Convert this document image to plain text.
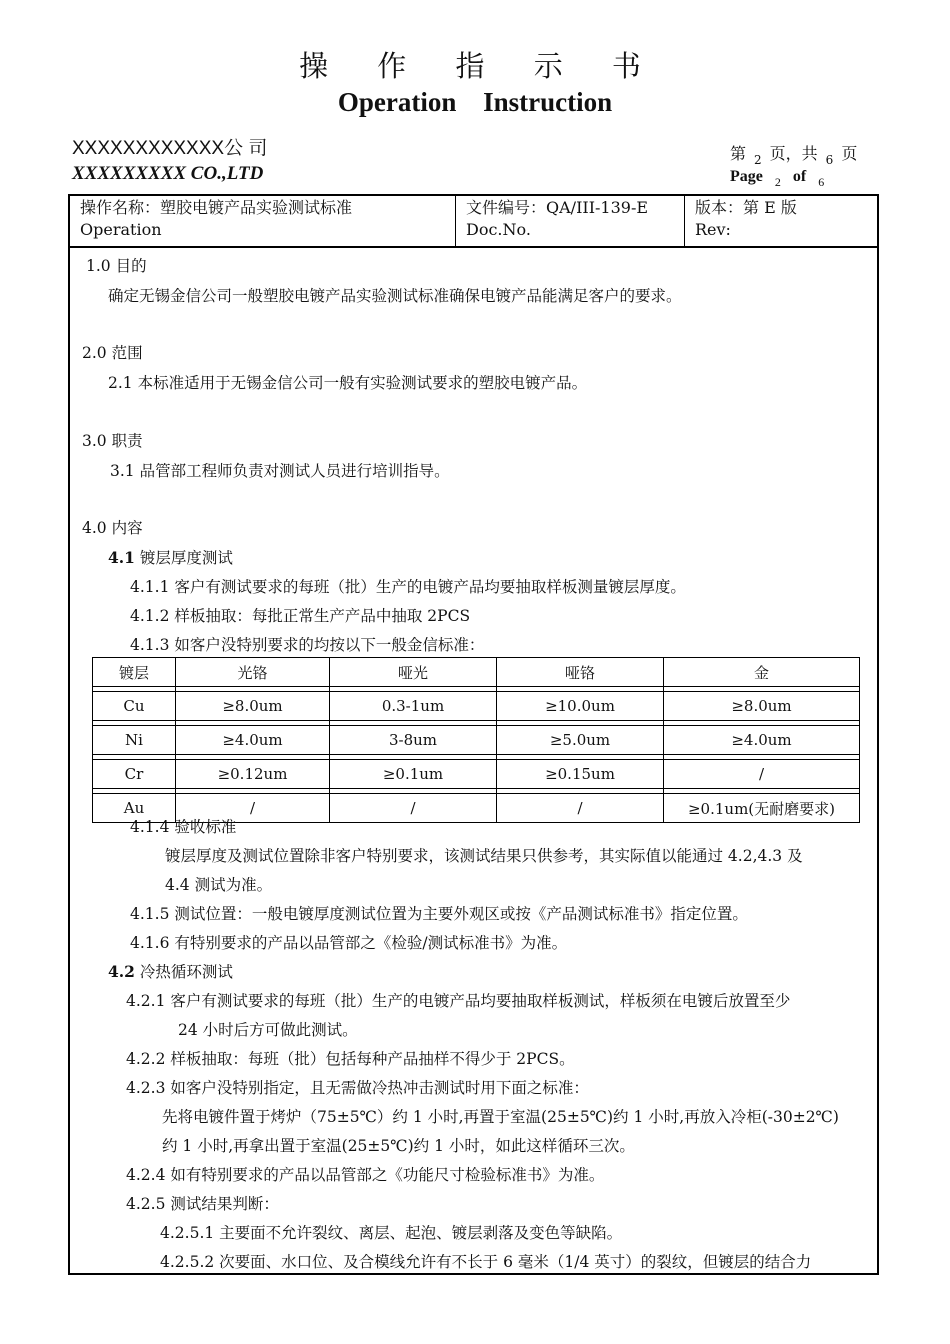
操 作 指 示 书
Operation Instruction
XXXXXXXXXXXX公 司
XXXXXXXXX CO.,LTD
第 $_2$ 页，共 $_6$ 页
Page $_2$ of $_6$
操作名称：塑胶电镀产品实验测试标准
Operation
文件编号：QA/III-139-E
Doc.No.
版本：第 E 版
Rev:
1.0 目的
确定无锡金信公司一般塑胶电镀产品实验测试标准确保电镀产品能满足客户的要求。
2.0 范围
2.1 本标准适用于无锡金信公司一般有实验测试要求的塑胶电镀产品。
3.0 职责
3.1 品管部工程师负责对测试人员进行培训指导。
4.0 内容
4.1 镀层厚度测试
4.1.1 客户有测试要求的每班（批）生产的电镀产品均要抽取样板测量镀层厚度。
4.1.2 样板抽取：每批正常生产产品中抽取 2PCS
4.1.3 如客户没特别要求的均按以下一般金信标准：
镀层	光铬	哑光	哑铬	金

Cu	≥8.0um	0.3-1um	≥10.0um	≥8.0um

Ni	≥4.0um	3-8um	≥5.0um	≥4.0um

Cr	≥0.12um	≥0.1um	≥0.15um	/

Au	/	/	/	≥0.1um(无耐磨要求)
4.1.4 验收标准
镀层厚度及测试位置除非客户特别要求，该测试结果只供参考，其实际值以能通过 4.2,4.3 及
4.4 测试为准。
4.1.5 测试位置：一般电镀厚度测试位置为主要外观区或按《产品测试标准书》指定位置。
4.1.6 有特别要求的产品以品管部之《检验/测试标准书》为准。
4.2 冷热循环测试
4.2.1 客户有测试要求的每班（批）生产的电镀产品均要抽取样板测试，样板须在电镀后放置至少
24 小时后方可做此测试。
4.2.2 样板抽取：每班（批）包括每种产品抽样不得少于 2PCS。
4.2.3 如客户没特别指定，且无需做冷热冲击测试时用下面之标准：
先将电镀件置于烤炉（75±5℃）约 1 小时,再置于室温(25±5℃)约 1 小时,再放入冷柜(-30±2℃)
约 1 小时,再拿出置于室温(25±5℃)约 1 小时，如此这样循环三次。
4.2.4 如有特别要求的产品以品管部之《功能尺寸检验标准书》为准。
4.2.5 测试结果判断：
4.2.5.1 主要面不允许裂纹、离层、起泡、镀层剥落及变色等缺陷。
4.2.5.2 次要面、水口位、及合模线允许有不长于 6 毫米（1/4 英寸）的裂纹，但镀层的结合力
